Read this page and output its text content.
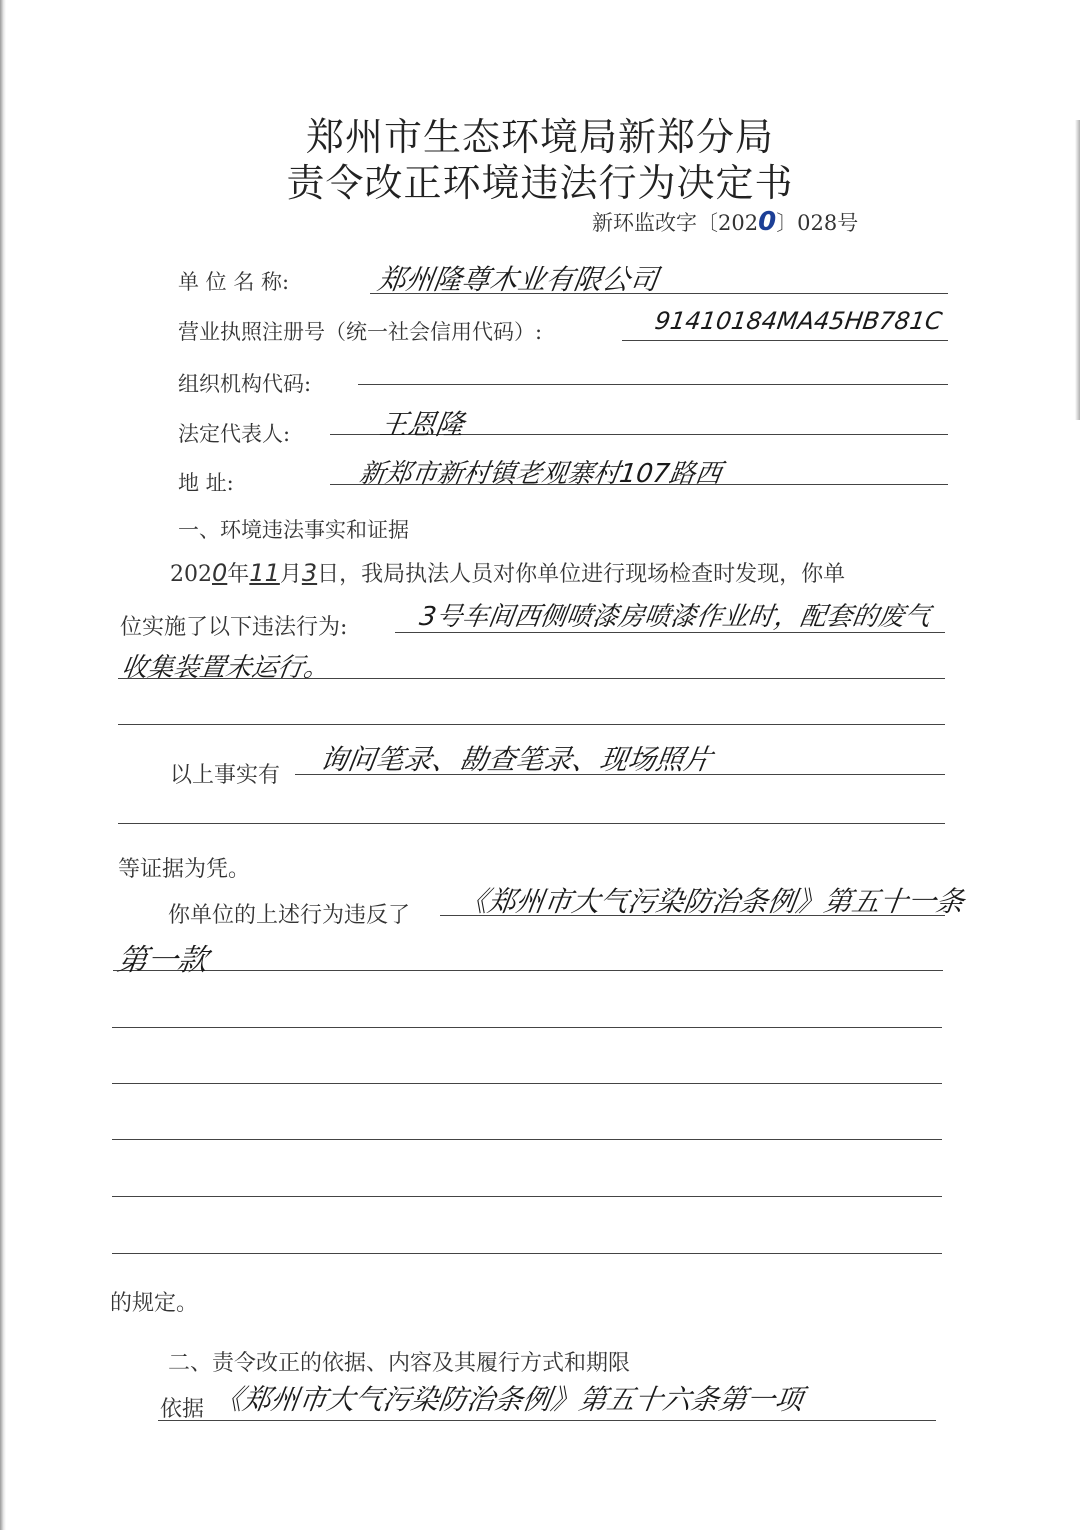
郑州市生态环境局新郑分局
责令改正环境违法行为决定书
新环监改字〔2020〕028号
单 位 名 称:	郑州隆尊木业有限公司
营业执照注册号（统一社会信用代码）:	91410184MA45HB781C
组织机构代码:
法定代表人:	王恩隆
地 址:	新郑市新村镇老观寨村107路西
一、环境违法事实和证据
2020年11月3日，我局执法人员对你单位进行现场检查时发现，你单
位实施了以下违法行为:	3号车间西侧喷漆房喷漆作业时，配套的废气
收集装置未运行。
以上事实有 询问笔录、勘查笔录、现场照片
等证据为凭。
你单位的上述行为违反了 《郑州市大气污染防治条例》第五十一条
第一款
的规定。
二、责令改正的依据、内容及其履行方式和期限
依据 《郑州市大气污染防治条例》第五十六条第一项
